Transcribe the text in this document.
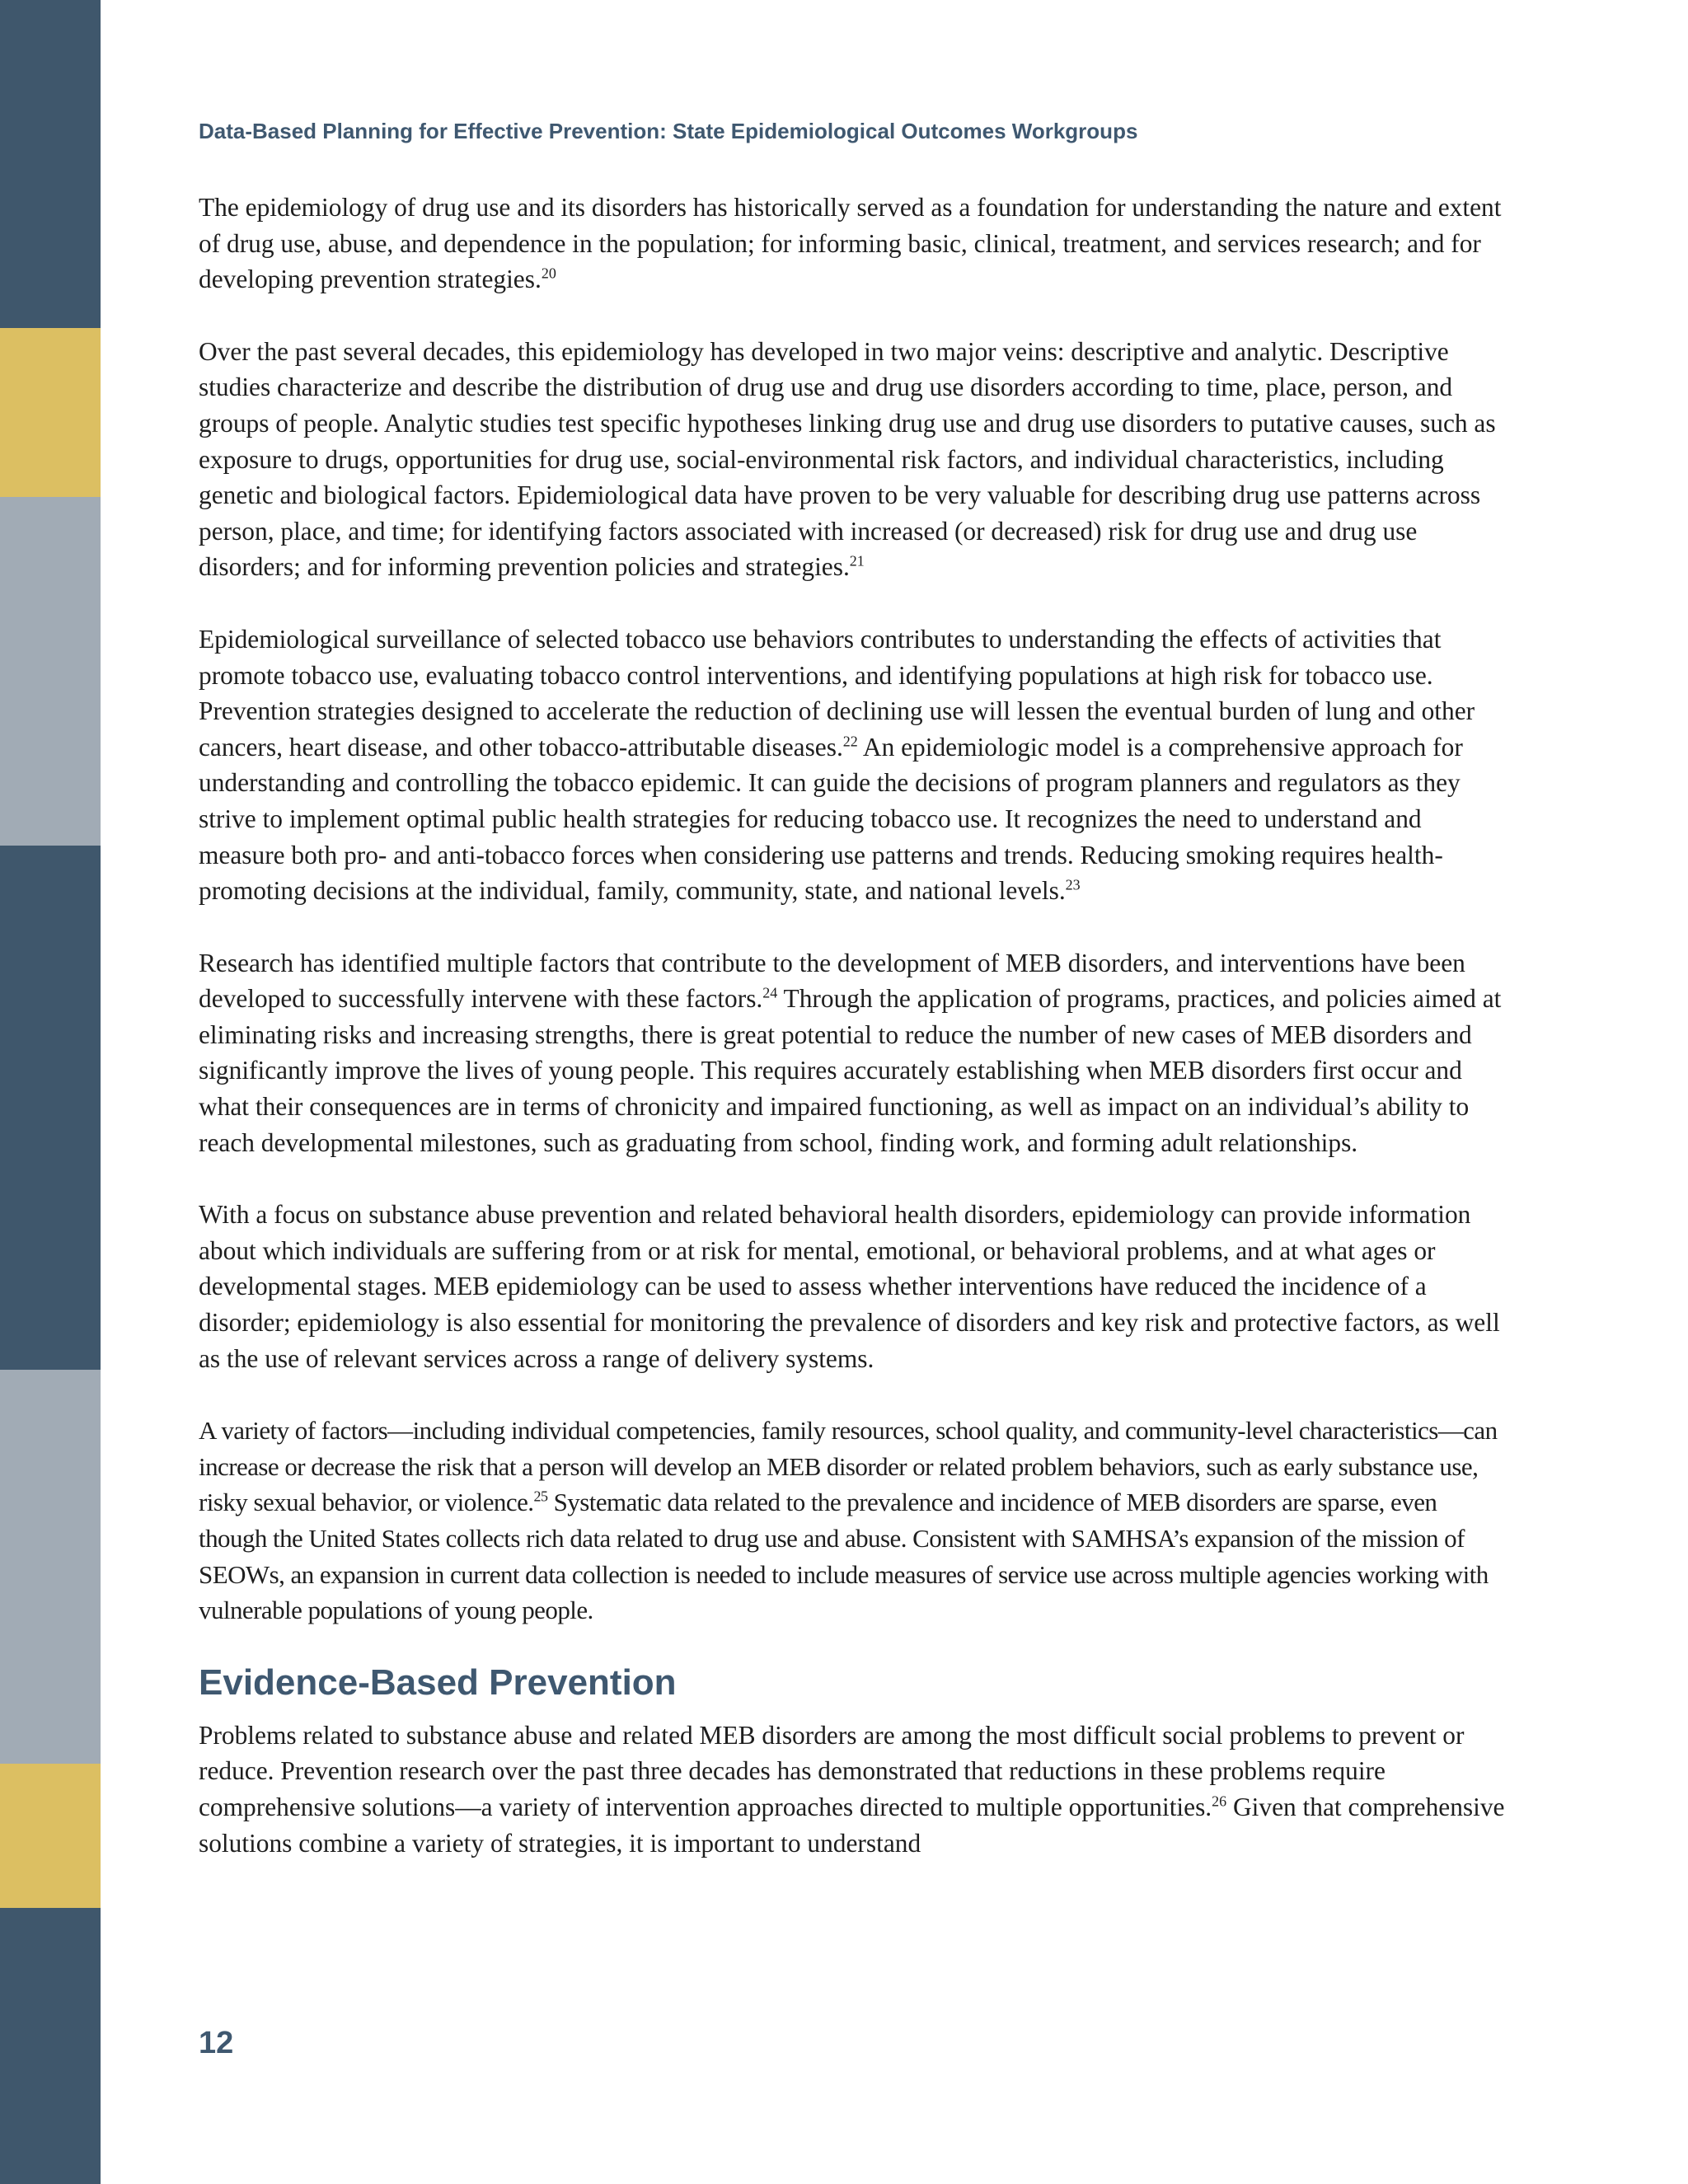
Data-Based Planning for Effective Prevention: State Epidemiological Outcomes Workgroups

The epidemiology of drug use and its disorders has historically served as a foundation for understanding the nature and extent of drug use, abuse, and dependence in the population; for informing basic, clinical, treatment, and services research; and for developing prevention strategies.$^{20}$

Over the past several decades, this epidemiology has developed in two major veins: descriptive and analytic. Descriptive studies characterize and describe the distribution of drug use and drug use disorders according to time, place, person, and groups of people. Analytic studies test specific hypotheses linking drug use and drug use disorders to putative causes, such as exposure to drugs, opportunities for drug use, social-environmental risk factors, and individual characteristics, including genetic and biological factors. Epidemiological data have proven to be very valuable for describing drug use patterns across person, place, and time; for identifying factors associated with increased (or decreased) risk for drug use and drug use disorders; and for informing prevention policies and strategies.$^{21}$

Epidemiological surveillance of selected tobacco use behaviors contributes to understanding the effects of activities that promote tobacco use, evaluating tobacco control interventions, and identifying populations at high risk for tobacco use. Prevention strategies designed to accelerate the reduction of declining use will lessen the eventual burden of lung and other cancers, heart disease, and other tobacco-attributable diseases.$^{22}$ An epidemiologic model is a comprehensive approach for understanding and controlling the tobacco epidemic. It can guide the decisions of program planners and regulators as they strive to implement optimal public health strategies for reducing tobacco use. It recognizes the need to understand and measure both pro- and anti-tobacco forces when considering use patterns and trends. Reducing smoking requires health-promoting decisions at the individual, family, community, state, and national levels.$^{23}$

Research has identified multiple factors that contribute to the development of MEB disorders, and interventions have been developed to successfully intervene with these factors.$^{24}$ Through the application of programs, practices, and policies aimed at eliminating risks and increasing strengths, there is great potential to reduce the number of new cases of MEB disorders and significantly improve the lives of young people. This requires accurately establishing when MEB disorders first occur and what their consequences are in terms of chronicity and impaired functioning, as well as impact on an individual’s ability to reach developmental milestones, such as graduating from school, finding work, and forming adult relationships.

With a focus on substance abuse prevention and related behavioral health disorders, epidemiology can provide information about which individuals are suffering from or at risk for mental, emotional, or behavioral problems, and at what ages or developmental stages. MEB epidemiology can be used to assess whether interventions have reduced the incidence of a disorder; epidemiology is also essential for monitoring the prevalence of disorders and key risk and protective factors, as well as the use of relevant services across a range of delivery systems.

A variety of factors—including individual competencies, family resources, school quality, and community-level characteristics—can increase or decrease the risk that a person will develop an MEB disorder or related problem behaviors, such as early substance use, risky sexual behavior, or violence.$^{25}$ Systematic data related to the prevalence and incidence of MEB disorders are sparse, even though the United States collects rich data related to drug use and abuse. Consistent with SAMHSA’s expansion of the mission of SEOWs, an expansion in current data collection is needed to include measures of service use across multiple agencies working with vulnerable populations of young people.

Evidence-Based Prevention

Problems related to substance abuse and related MEB disorders are among the most difficult social problems to prevent or reduce. Prevention research over the past three decades has demonstrated that reductions in these problems require comprehensive solutions—a variety of intervention approaches directed to multiple opportunities.$^{26}$ Given that comprehensive solutions combine a variety of strategies, it is important to understand

12
